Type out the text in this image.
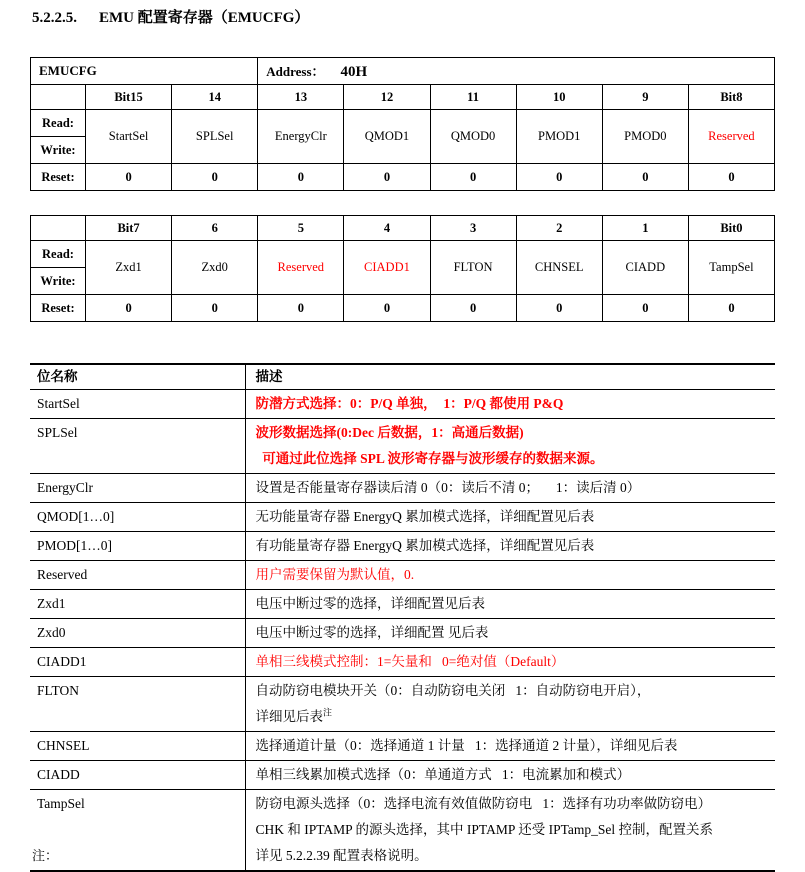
5.2.2.5. EMU 配置寄存器（EMUCFG）
EMUCFG			Address： 40H					
	Bit15	14	13	12	11	10	9	Bit8
Read:	StartSel	SPLSel	EnergyClr	QMOD1	QMOD0	PMOD1	PMOD0	Reserved
Write:								
Reset:	0	0	0	0	0	0	0	0
	Bit7	6	5	4	3	2	1	Bit0
Read:	Zxd1	Zxd0	Reserved	CIADD1	FLTON	CHNSEL	CIADD	TampSel
Write:								
Reset:	0	0	0	0	0	0	0	0
位名称	描述
StartSel	防潜方式选择：0：P/Q 单独，  1：P/Q 都使用 P&Q

SPLSel	波形数据选择(0:Dec 后数据，1：高通后数据)
可通过此位选择 SPL 波形寄存器与波形缓存的数据来源。

EnergyClr	设置是否能量寄存器读后清 0（0：读后不清 0；     1：读后清 0）

QMOD[1…0]	无功能量寄存器 EnergyQ 累加模式选择，详细配置见后表

PMOD[1…0]	有功能量寄存器 EnergyQ 累加模式选择，详细配置见后表

Reserved	用户需要保留为默认值，0.

Zxd1	电压中断过零的选择，详细配置见后表

Zxd0	电压中断过零的选择，详细配置 见后表

CIADD1	单相三线模式控制：1=矢量和   0=绝对值（Default）

FLTON	自动防窃电模块开关（0：自动防窃电关闭   1：自动防窃电开启），
详细见后表$^注$

CHNSEL	选择通道计量（0：选择通道 1 计量   1：选择通道 2 计量），详细见后表

CIADD	单相三线累加模式选择（0：单通道方式   1：电流累加和模式）

TampSel	防窃电源头选择（0：选择电流有效值做防窃电   1：选择有功功率做防窃电）
CHK 和 IPTAMP 的源头选择，其中 IPTAMP 还受 IPTamp_Sel 控制，配置关系
详见 5.2.2.39 配置表格说明。
注：
